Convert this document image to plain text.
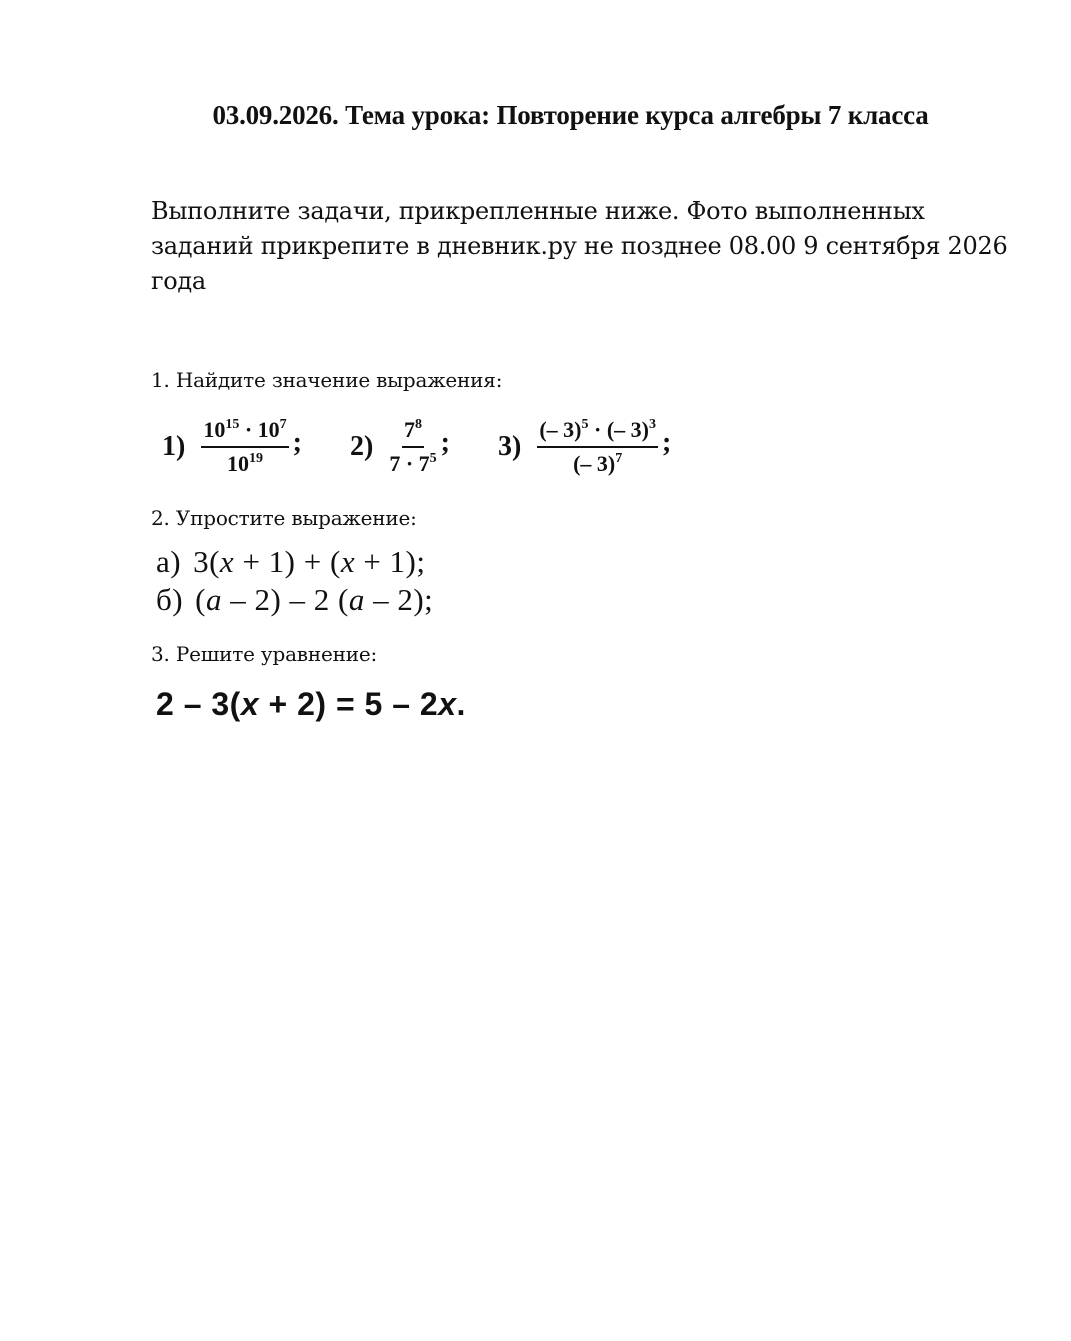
03.09.2026. Тема урока: Повторение курса алгебры 7 класса
Выполните задачи, прикрепленные ниже. Фото выполненных
заданий прикрепите в дневник.ру не позднее 08.00 9 сентября 2026
года
1. Найдите значение выражения:
$1) \frac{10^{15} \cdot 10^7}{10^{19}}$ ; $2) \frac{7^8}{7 \cdot 7^5}$ ; $3) \frac{(- 3)^5 \cdot (- 3)^3}{(- 3)^7}$ ;
2. Упростите выражение:
а) 3(x + 1) + (x + 1);
б) (a – 2) – 2 (a – 2);
3. Решите уравнение:
2 – 3(x + 2) = 5 – 2x.
